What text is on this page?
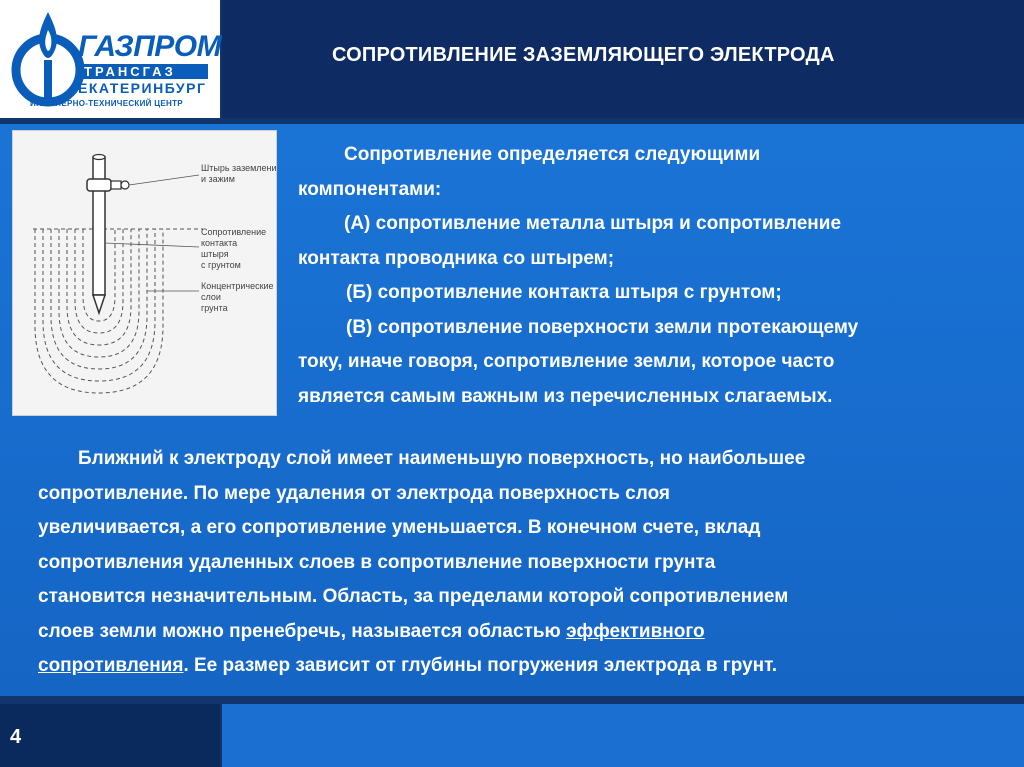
ГАЗПРОМ
ТРАНСГАЗ
ЕКАТЕРИНБУРГ
ИНЖЕНЕРНО-ТЕХНИЧЕСКИЙ ЦЕНТР
СОПРОТИВЛЕНИЕ ЗАЗЕМЛЯЮЩЕГО ЭЛЕКТРОДА
Штырь заземления
и зажим
Сопротивление
контакта
штыря
с грунтом
Концентрические
слои
грунта
Сопротивление определяется следующими
компонентами:
(А) сопротивление металла штыря и сопротивление
контакта проводника со штырем;
(Б) сопротивление контакта штыря с грунтом;
(В) сопротивление поверхности земли протекающему
току, иначе говоря, сопротивление земли, которое часто
является самым важным из перечисленных слагаемых.
Ближний к электроду слой имеет наименьшую поверхность, но наибольшее
сопротивление. По мере удаления от электрода поверхность слоя
увеличивается, а его сопротивление уменьшается. В конечном счете, вклад
сопротивления удаленных слоев в сопротивление поверхности грунта
становится незначительным. Область, за пределами которой сопротивлением
слоев земли можно пренебречь, называется областью эффективного
сопротивления. Ее размер зависит от глубины погружения электрода в грунт.
4
